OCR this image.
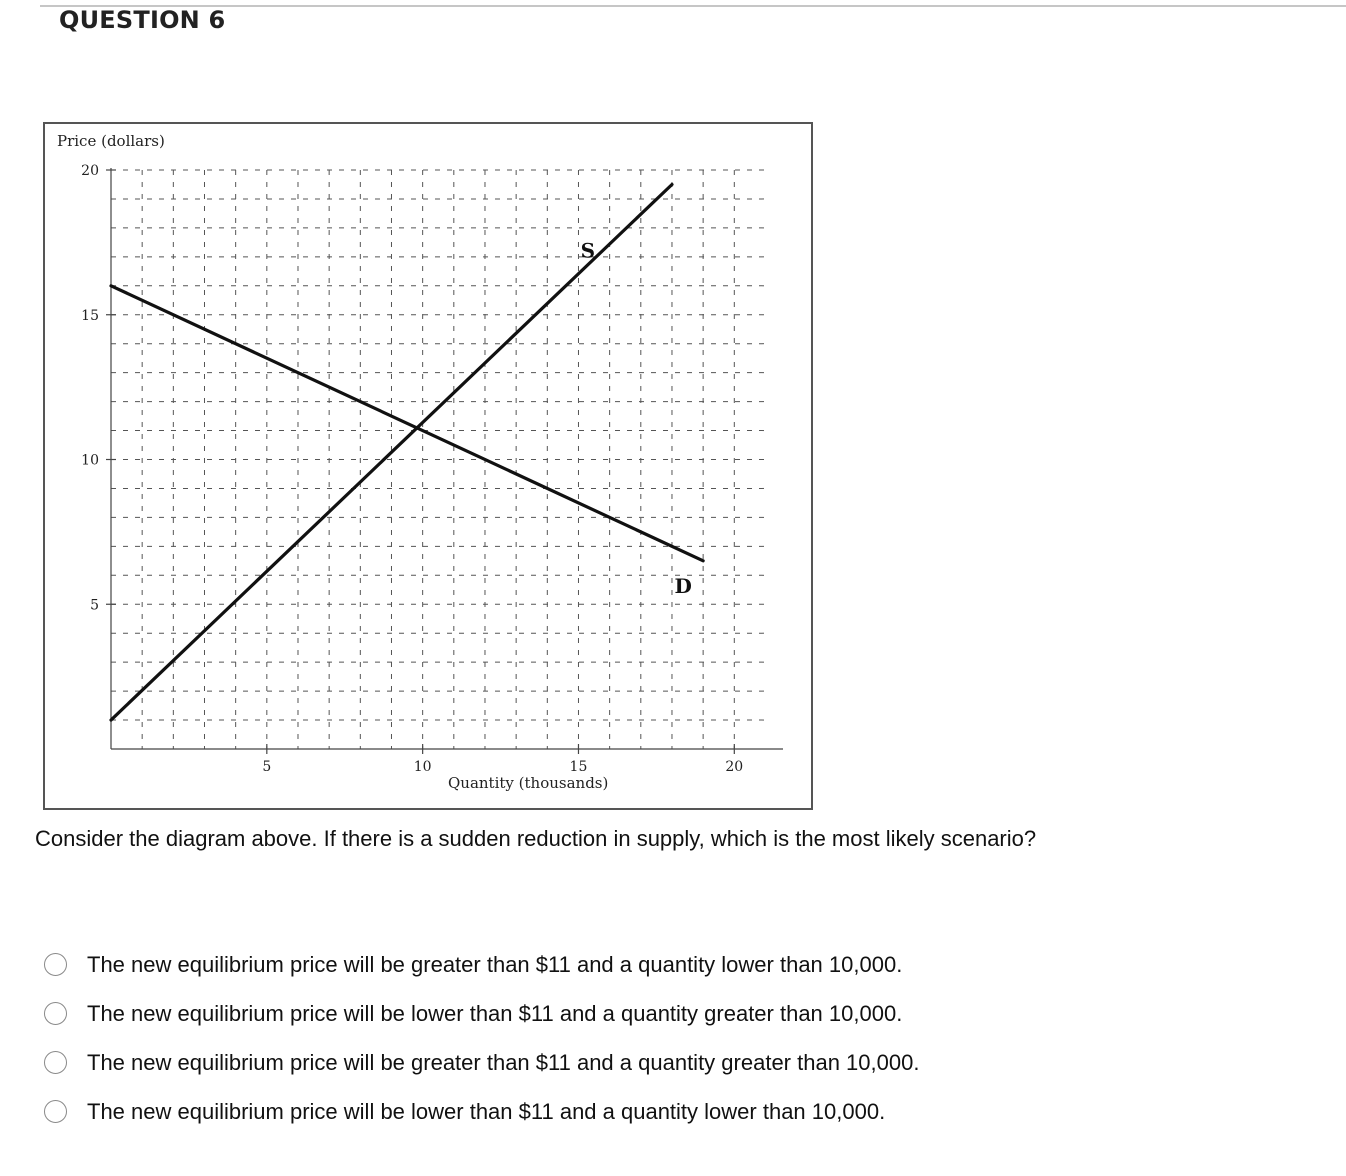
QUESTION 6
Price (dollars)
Quantity (thousands)
5	10	15	20
5
10
15
20
S
D
Consider the diagram above. If there is a sudden reduction in supply, which is the most likely scenario?
The new equilibrium price will be greater than $11 and a quantity lower than 10,000.
The new equilibrium price will be lower than $11 and a quantity greater than 10,000.
The new equilibrium price will be greater than $11 and a quantity greater than 10,000.
The new equilibrium price will be lower than $11 and a quantity lower than 10,000.
